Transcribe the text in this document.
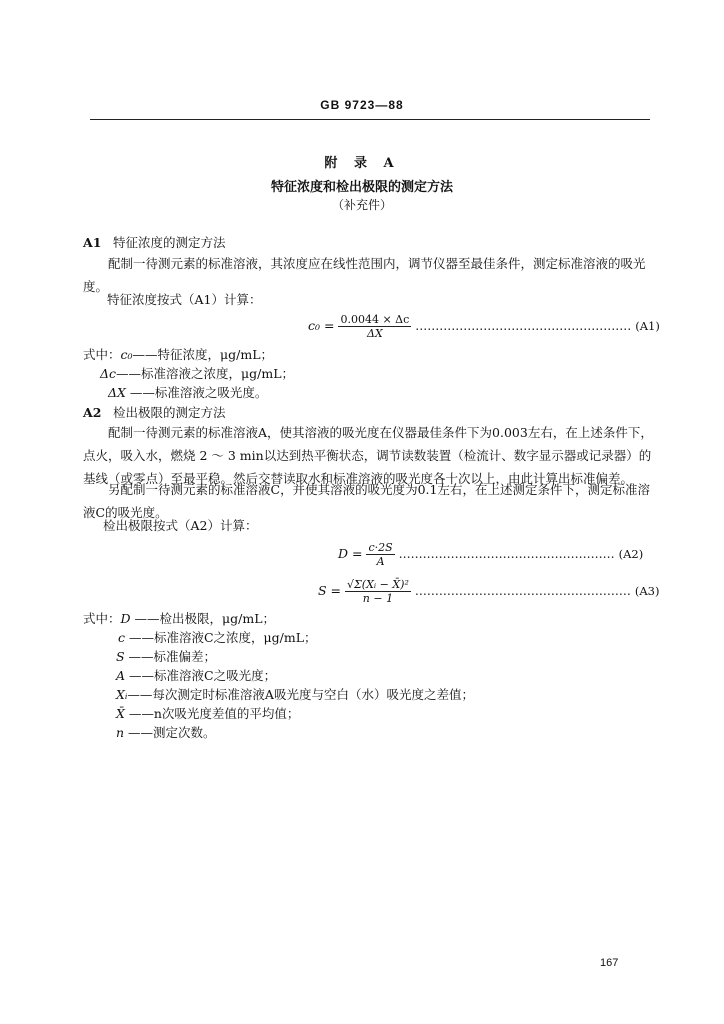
GB 9723—88
附 录 A
特征浓度和检出极限的测定方法
（补充件）
A1 特征浓度的测定方法
配制一待测元素的标准溶液，其浓度应在线性范围内，调节仪器至最佳条件，测定标准溶液的吸光度。
特征浓度按式（A1）计算：
$c_0 = \frac{0.0044 \times \Delta c}{\Delta X}$ ……………………………………………… (A1)
式中：c₀——特征浓度，μg/mL；
Δc——标准溶液之浓度，μg/mL；
ΔX ——标准溶液之吸光度。
A2 检出极限的测定方法
配制一待测元素的标准溶液A，使其溶液的吸光度在仪器最佳条件下为0.003左右，在上述条件下，点火，吸入水，燃烧 2 ～ 3 min以达到热平衡状态，调节读数装置（检流计、数字显示器或记录器）的基线（或零点）至最平稳。然后交替读取水和标准溶液的吸光度各十次以上，由此计算出标准偏差。
另配制一待测元素的标准溶液C，并使其溶液的吸光度为0.1左右，在上述测定条件下，测定标准溶液C的吸光度。
检出极限按式（A2）计算：
$D = \frac{c\cdot 2S}{A}$ ……………………………………………… (A2)
$S = \frac{\text{√Σ(Xᵢ − X̄)²}}{n - 1}$ ……………………………………………… (A3)
式中：D ——检出极限，μg/mL；
c ——标准溶液C之浓度，μg/mL；
S ——标准偏差；
A ——标准溶液C之吸光度；
Xᵢ——每次测定时标准溶液A吸光度与空白（水）吸光度之差值；
X̄ ——n次吸光度差值的平均值；
n ——测定次数。
167
